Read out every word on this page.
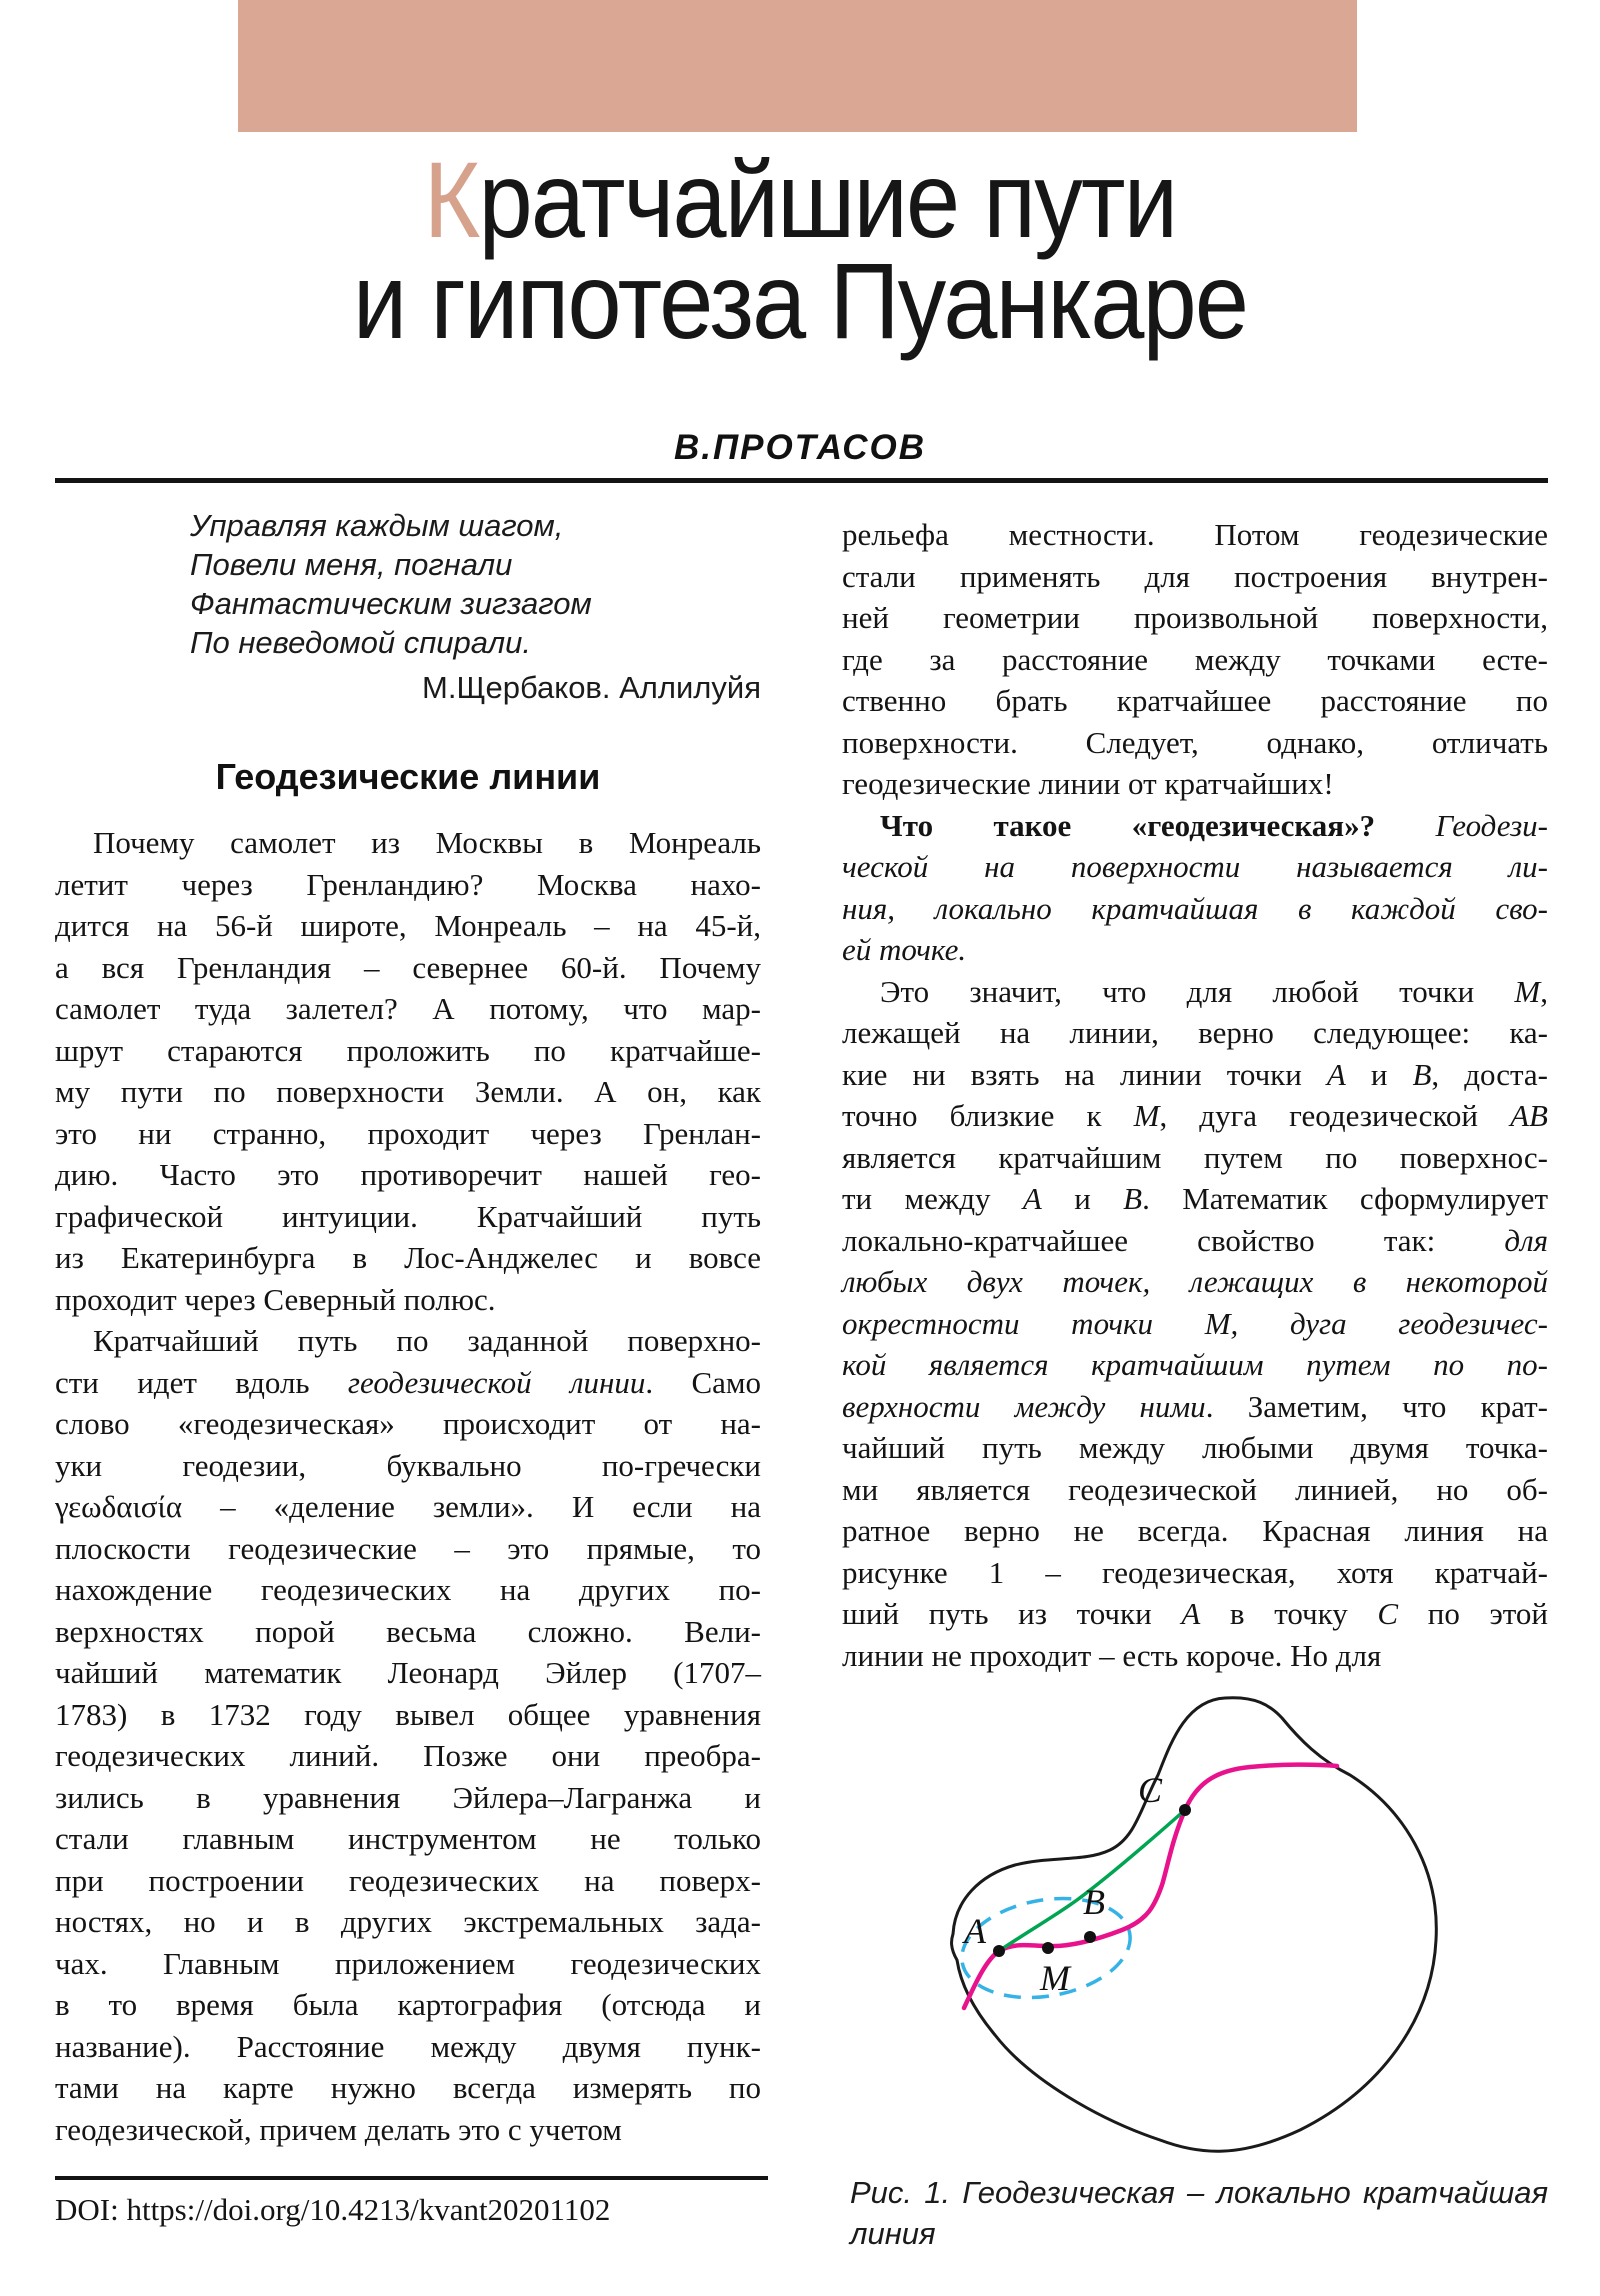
Кратчайшие пути
и гипотеза Пуанкаре
В.ПРОТАСОВ
Управляя каждым шагом,
Повели меня, погнали
Фантастическим зигзагом
По неведомой спирали.
М.Щербаков. Аллилуйя
Геодезические линии
Почему самолет из Москвы в Монреаль
летит через Гренландию? Москва нахо-
дится на 56-й широте, Монреаль – на 45-й,
а вся Гренландия – севернее 60-й. Почему
самолет туда залетел? А потому, что мар-
шрут стараются проложить по кратчайше-
му пути по поверхности Земли. А он, как
это ни странно, проходит через Гренлан-
дию. Часто это противоречит нашей гео-
графической интуиции. Кратчайший путь
из Екатеринбурга в Лос-Анджелес и вовсе
проходит через Северный полюс.
Кратчайший путь по заданной поверхно-
сти идет вдоль геодезической линии. Само
слово «геодезическая» происходит от на-
уки геодезии, буквально по-гречески
γεωδαισία – «деление земли». И если на
плоскости геодезические – это прямые, то
нахождение геодезических на других по-
верхностях порой весьма сложно. Вели-
чайший математик Леонард Эйлер (1707–
1783) в 1732 году вывел общее уравнения
геодезических линий. Позже они преобра-
зились в уравнения Эйлера–Лагранжа и
стали главным инструментом не только
при построении геодезических на поверх-
ностях, но и в других экстремальных зада-
чах. Главным приложением геодезических
в то время была картография (отсюда и
название). Расстояние между двумя пунк-
тами на карте нужно всегда измерять по
геодезической, причем делать это с учетом
рельефа местности. Потом геодезические
стали применять для построения внутрен-
ней геометрии произвольной поверхности,
где за расстояние между точками есте-
ственно брать кратчайшее расстояние по
поверхности. Следует, однако, отличать
геодезические линии от кратчайших!
Что такое «геодезическая»? Геодези-
ческой на поверхности называется ли-
ния, локально кратчайшая в каждой сво-
ей точке.
Это значит, что для любой точки M,
лежащей на линии, верно следующее: ка-
кие ни взять на линии точки A и B, доста-
точно близкие к M, дуга геодезической AB
является кратчайшим путем по поверхнос-
ти между A и B. Математик сформулирует
локально-кратчайшее свойство так: для
любых двух точек, лежащих в некоторой
окрестности точки M, дуга геодезичес-
кой является кратчайшим путем по по-
верхности между ними. Заметим, что крат-
чайший путь между любыми двумя точка-
ми является геодезической линией, но об-
ратное верно не всегда. Красная линия на
рисунке 1 – геодезическая, хотя кратчай-
ший путь из точки A в точку C по этой
линии не проходит – есть короче. Но для
A
M
B
C
Рис. 1. Геодезическая – локально кратчайшая
линия
DOI: https://doi.org/10.4213/kvant20201102
